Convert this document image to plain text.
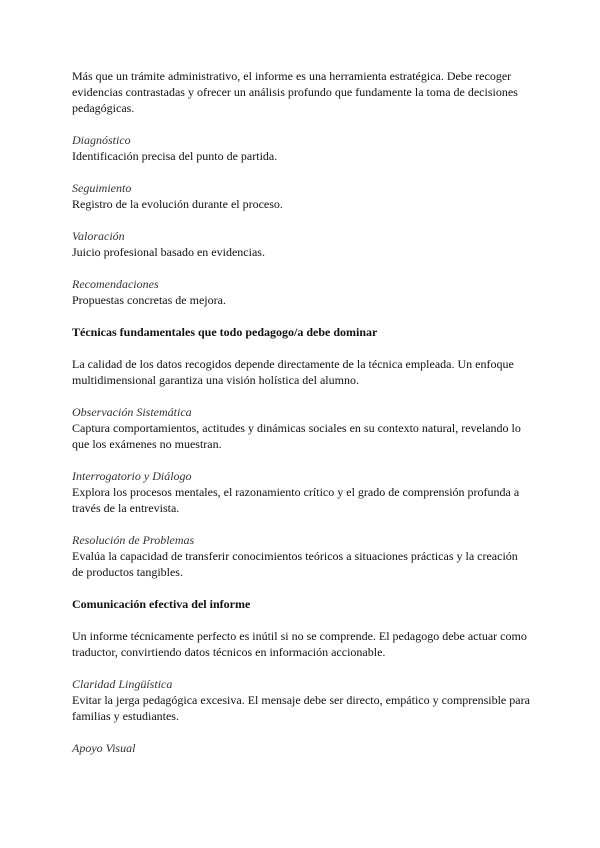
Más que un trámite administrativo, el informe es una herramienta estratégica. Debe recoger evidencias contrastadas y ofrecer un análisis profundo que fundamente la toma de decisiones pedagógicas.

Diagnóstico
Identificación precisa del punto de partida.
Seguimiento
Registro de la evolución durante el proceso.
Valoración
Juicio profesional basado en evidencias.
Recomendaciones
Propuestas concretas de mejora.
Técnicas fundamentales que todo pedagogo/a debe dominar

La calidad de los datos recogidos depende directamente de la técnica empleada. Un enfoque multidimensional garantiza una visión holística del alumno.

Observación Sistemática
Captura comportamientos, actitudes y dinámicas sociales en su contexto natural, revelando lo que los exámenes no muestran.
Interrogatorio y Diálogo
Explora los procesos mentales, el razonamiento crítico y el grado de comprensión profunda a través de la entrevista.
Resolución de Problemas
Evalúa la capacidad de transferir conocimientos teóricos a situaciones prácticas y la creación de productos tangibles.
Comunicación efectiva del informe

Un informe técnicamente perfecto es inútil si no se comprende. El pedagogo debe actuar como traductor, convirtiendo datos técnicos en información accionable.

Claridad Lingüística
Evitar la jerga pedagógica excesiva. El mensaje debe ser directo, empático y comprensible para familias y estudiantes.
Apoyo Visual
